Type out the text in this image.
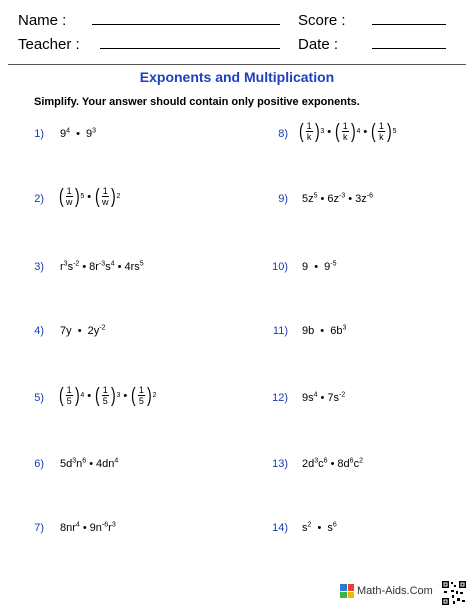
Name :	Score :
Teacher :	Date :
Exponents and Multiplication
Simplify. Your answer should contain only positive exponents.
1) $9^4$ • $9^3$
2) ( $\frac{1}{w}$ ) 5 • ( $\frac{1}{w}$ ) 2
3) $r^3s^{-2}$ • $8r^{-3}s^4$ • $4rs^5$
4) 7y • $2y^{-2}$
5) ( $\frac{1}{5}$ ) 4 • ( $\frac{1}{5}$ ) 3 • ( $\frac{1}{5}$ ) 2
6) $5d^3n^6$ • $4dn^4$
7) $8nr^4$ • $9n^{-6}r^3$
8) ( $\frac{1}{k}$ ) 3 • ( $\frac{1}{k}$ ) 4 • ( $\frac{1}{k}$ ) 5
9) $5z^5$ • $6z^{-3}$ • $3z^{-6}$
10) 9 • $9^{-5}$
11) 9b • $6b^3$
12) $9s^4$ • $7s^{-2}$
13) $2d^3c^6$ • $8d^6c^2$
14) $s^2$ • $s^6$
Math-Aids.Com
